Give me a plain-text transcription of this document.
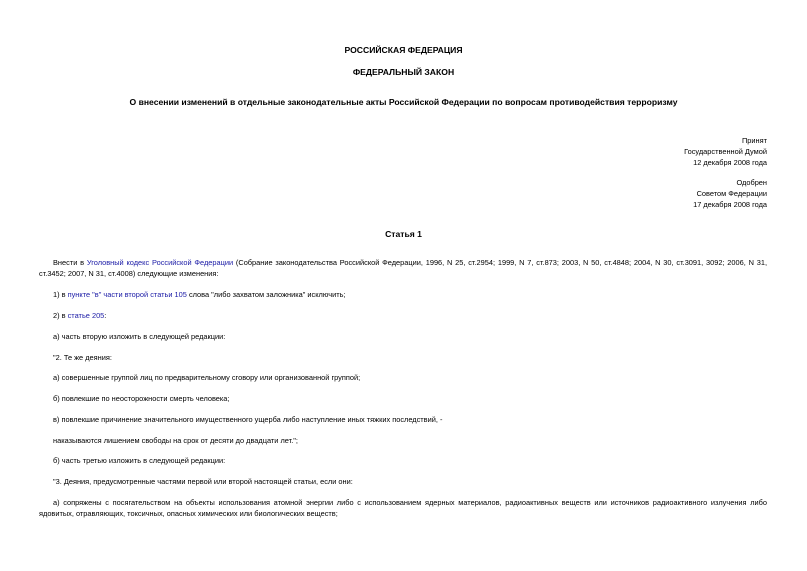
РОССИЙСКАЯ ФЕДЕРАЦИЯ
ФЕДЕРАЛЬНЫЙ ЗАКОН
О внесении изменений в отдельные законодательные акты Российской Федерации по вопросам противодействия терроризму
Принят
Государственной Думой
12 декабря 2008 года
Одобрен
Советом Федерации
17 декабря 2008 года
Статья 1

Внести в Уголовный кодекс Российской Федерации (Собрание законодательства Российской Федерации, 1996, N 25, ст.2954; 1999, N 7, ст.873; 2003, N 50, ст.4848; 2004, N 30, ст.3091, 3092; 2006, N 31, ст.3452; 2007, N 31, ст.4008) следующие изменения:

1) в пункте "в" части второй статьи 105 слова "либо захватом заложника" исключить;

2) в статье 205:

а) часть вторую изложить в следующей редакции:

"2. Те же деяния:

а) совершенные группой лиц по предварительному сговору или организованной группой;

б) повлекшие по неосторожности смерть человека;

в) повлекшие причинение значительного имущественного ущерба либо наступление иных тяжких последствий, -

наказываются лишением свободы на срок от десяти до двадцати лет.";

б) часть третью изложить в следующей редакции:

"3. Деяния, предусмотренные частями первой или второй настоящей статьи, если они:

а) сопряжены с посягательством на объекты использования атомной энергии либо с использованием ядерных материалов, радиоактивных веществ или источников радиоактивного излучения либо ядовитых, отравляющих, токсичных, опасных химических или биологических веществ;
